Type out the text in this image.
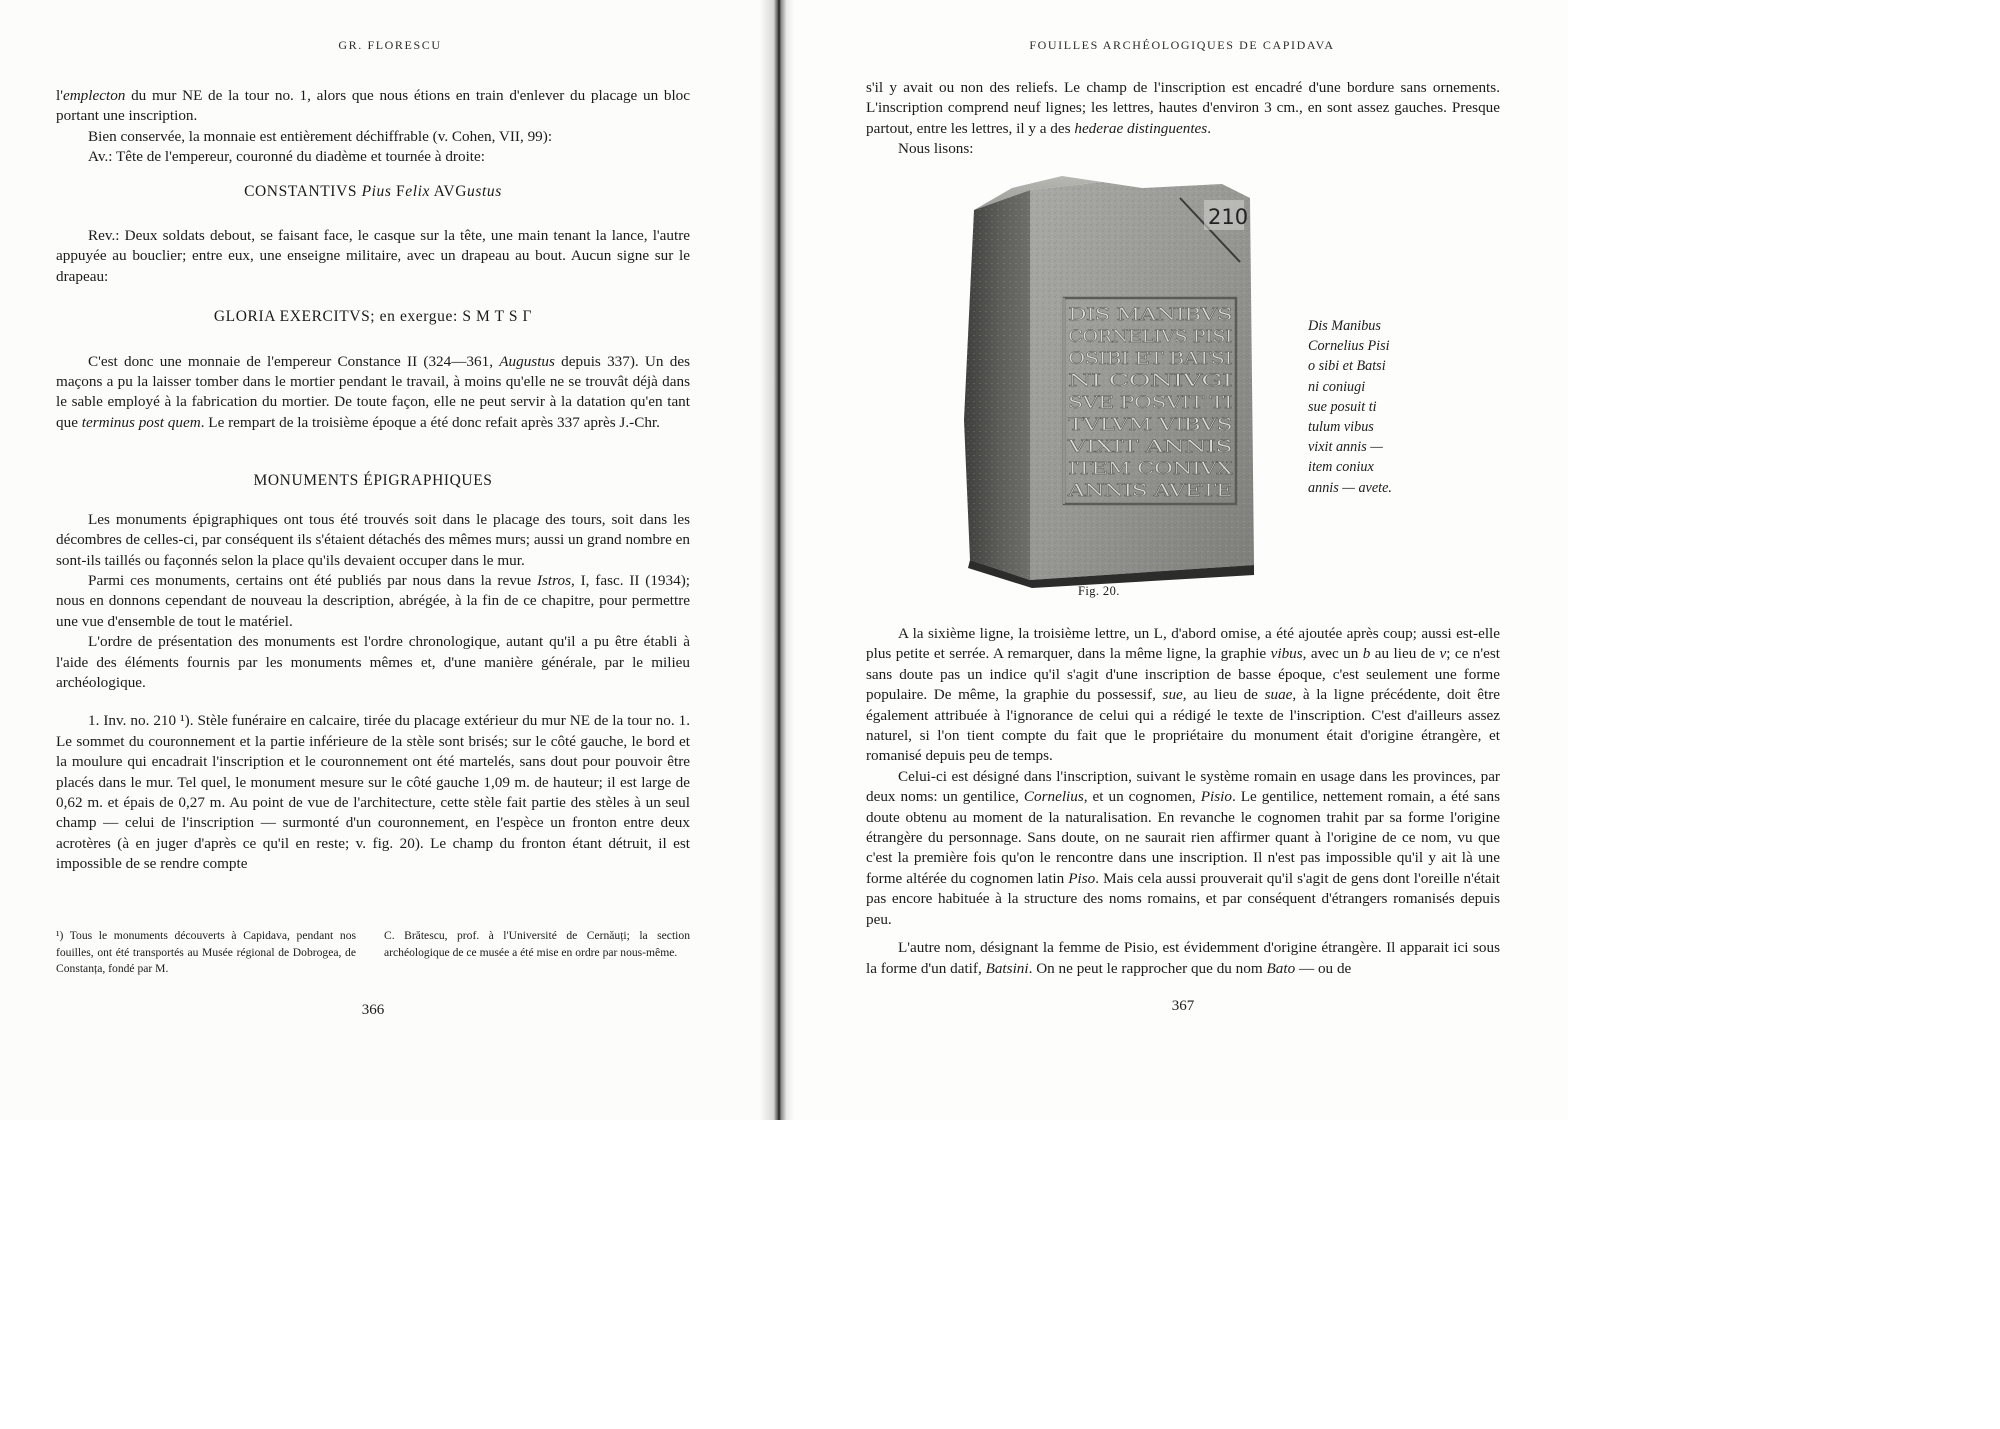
GR. FLORESCU

l'emplecton du mur NE de la tour no. 1, alors que nous étions en train d'enlever du placage un bloc portant une inscription.

Bien conservée, la monnaie est entièrement déchiffrable (v. Cohen, VII, 99):

Av.: Tête de l'empereur, couronné du diadème et tournée à droite:

CONSTANTIVS Pius Felix AVGustus

Rev.: Deux soldats debout, se faisant face, le casque sur la tête, une main tenant la lance, l'autre appuyée au bouclier; entre eux, une enseigne militaire, avec un drapeau au bout. Aucun signe sur le drapeau:

GLORIA EXERCITVS; en exergue: S M T S Γ

C'est donc une monnaie de l'empereur Constance II (324—361, Augustus depuis 337). Un des maçons a pu la laisser tomber dans le mortier pendant le travail, à moins qu'elle ne se trouvât déjà dans le sable employé à la fabrication du mortier. De toute façon, elle ne peut servir à la datation qu'en tant que terminus post quem. Le rempart de la troisième époque a été donc refait après 337 après J.-Chr.

MONUMENTS ÉPIGRAPHIQUES

Les monuments épigraphiques ont tous été trouvés soit dans le placage des tours, soit dans les décombres de celles-ci, par conséquent ils s'étaient détachés des mêmes murs; aussi un grand nombre en sont-ils taillés ou façonnés selon la place qu'ils devaient occuper dans le mur.

Parmi ces monuments, certains ont été publiés par nous dans la revue Istros, I, fasc. II (1934); nous en donnons cependant de nouveau la description, abrégée, à la fin de ce chapitre, pour permettre une vue d'ensemble de tout le matériel.

L'ordre de présentation des monuments est l'ordre chronologique, autant qu'il a pu être établi à l'aide des éléments fournis par les monuments mêmes et, d'une manière générale, par le milieu archéologique.

1. Inv. no. 210 ¹). Stèle funéraire en calcaire, tirée du placage extérieur du mur NE de la tour no. 1. Le sommet du couronnement et la partie inférieure de la stèle sont brisés; sur le côté gauche, le bord et la moulure qui encadrait l'inscription et le couronnement ont été martelés, sans dout pour pouvoir être placés dans le mur. Tel quel, le monument mesure sur le côté gauche 1,09 m. de hauteur; il est large de 0,62 m. et épais de 0,27 m. Au point de vue de l'architecture, cette stèle fait partie des stèles à un seul champ — celui de l'inscription — surmonté d'un couronnement, en l'espèce un fronton entre deux acrotères (à en juger d'après ce qu'il en reste; v. fig. 20). Le champ du fronton étant détruit, il est impossible de se rendre compte

¹) Tous le monuments découverts à Capidava, pendant nos fouilles, ont été transportés au Musée régional de Dobrogea, de Constanța, fondé par M.
C. Brătescu, prof. à l'Université de Cernăuți; la section archéologique de ce musée a été mise en ordre par nous-même.
366
FOUILLES ARCHÉOLOGIQUES DE CAPIDAVA

s'il y avait ou non des reliefs. Le champ de l'inscription est encadré d'une bordure sans ornements. L'inscription comprend neuf lignes; les lettres, hautes d'environ 3 cm., en sont assez gauches. Presque partout, entre les lettres, il y a des hederae distinguentes.

Nous lisons:

210
DIS MANIBVS
CORNELIVS PISI
OSIBI ET BATSI
NI CONIVGI
SVE POSVIT TI
TVLVM VIBVS
VIXIT ANNIS
ITEM CONIVX
ANNIS AVETE
Fig. 20.
Dis Manibus
Cornelius Pisi
o sibi et Batsi
ni coniugi
sue posuit ti
tulum vibus
vixit annis —
item coniux
annis — avete.

A la sixième ligne, la troisième lettre, un L, d'abord omise, a été ajoutée après coup; aussi est-elle plus petite et serrée. A remarquer, dans la même ligne, la graphie vibus, avec un b au lieu de v; ce n'est sans doute pas un indice qu'il s'agit d'une inscription de basse époque, c'est seulement une forme populaire. De même, la graphie du possessif, sue, au lieu de suae, à la ligne précédente, doit être également attribuée à l'ignorance de celui qui a rédigé le texte de l'inscription. C'est d'ailleurs assez naturel, si l'on tient compte du fait que le propriétaire du monument était d'origine étrangère, et romanisé depuis peu de temps.

Celui-ci est désigné dans l'inscription, suivant le système romain en usage dans les provinces, par deux noms: un gentilice, Cornelius, et un cognomen, Pisio. Le gentilice, nettement romain, a été sans doute obtenu au moment de la naturalisation. En revanche le cognomen trahit par sa forme l'origine étrangère du personnage. Sans doute, on ne saurait rien affirmer quant à l'origine de ce nom, vu que c'est la première fois qu'on le rencontre dans une inscription. Il n'est pas impossible qu'il y ait là une forme altérée du cognomen latin Piso. Mais cela aussi prouverait qu'il s'agit de gens dont l'oreille n'était pas encore habituée à la structure des noms romains, et par conséquent d'étrangers romanisés depuis peu.

L'autre nom, désignant la femme de Pisio, est évidemment d'origine étrangère. Il apparait ici sous la forme d'un datif, Batsini. On ne peut le rapprocher que du nom Bato — ou de

367
